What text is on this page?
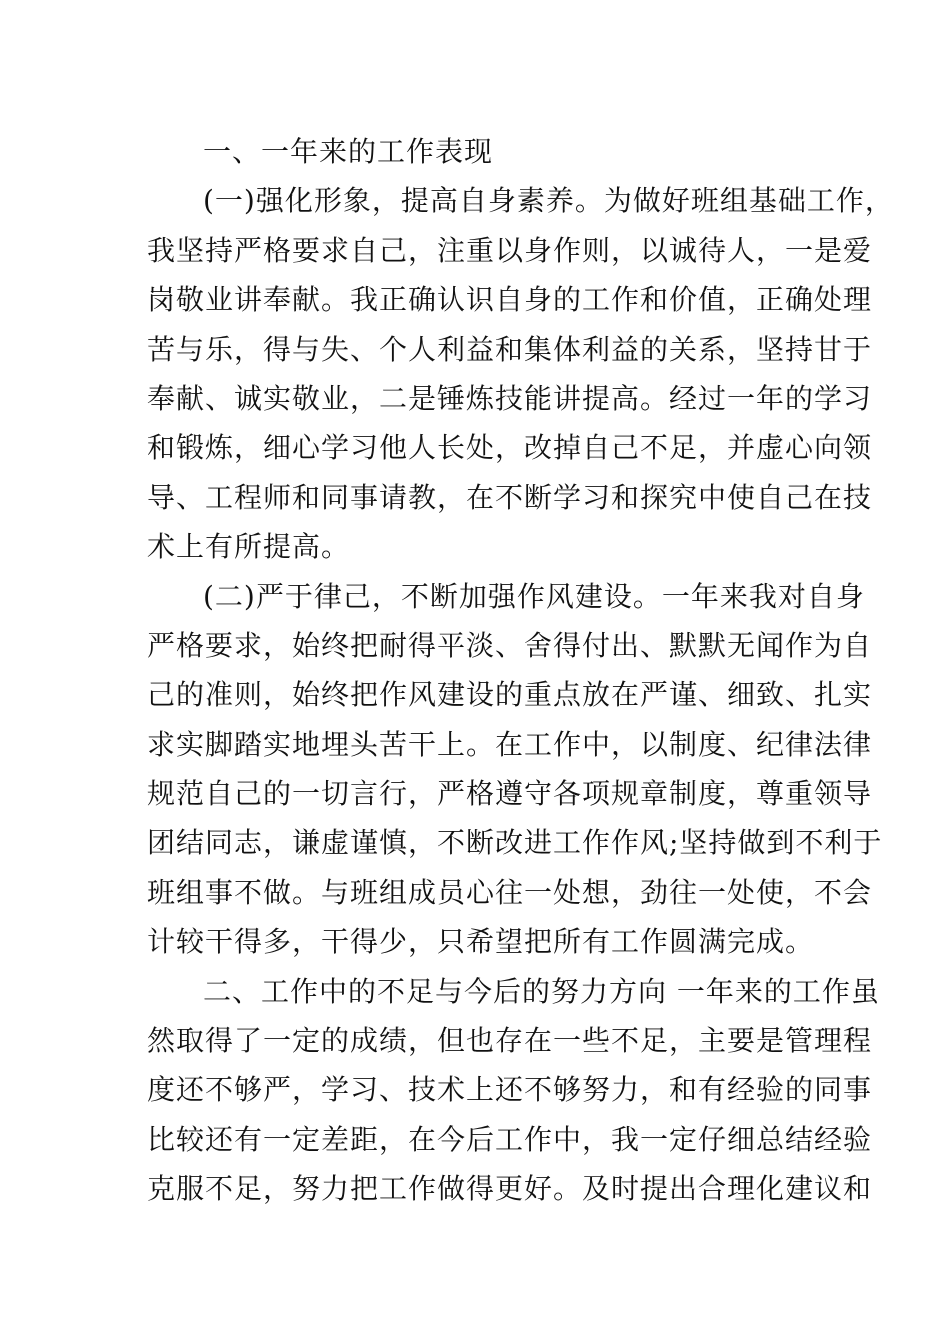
一、一年来的工作表现
(一)强化形象，提高自身素养。为做好班组基础工作，
我坚持严格要求自己，注重以身作则，以诚待人，一是爱
岗敬业讲奉献。我正确认识自身的工作和价值，正确处理
苦与乐，得与失、个人利益和集体利益的关系，坚持甘于
奉献、诚实敬业，二是锤炼技能讲提高。经过一年的学习
和锻炼，细心学习他人长处，改掉自己不足，并虚心向领
导、工程师和同事请教，在不断学习和探究中使自己在技
术上有所提高。
(二)严于律己，不断加强作风建设。一年来我对自身
严格要求，始终把耐得平淡、舍得付出、默默无闻作为自
己的准则，始终把作风建设的重点放在严谨、细致、扎实
求实脚踏实地埋头苦干上。在工作中，以制度、纪律法律
规范自己的一切言行，严格遵守各项规章制度，尊重领导
团结同志，谦虚谨慎，不断改进工作作风;坚持做到不利于
班组事不做。与班组成员心往一处想，劲往一处使，不会
计较干得多，干得少，只希望把所有工作圆满完成。
二、工作中的不足与今后的努力方向 一年来的工作虽
然取得了一定的成绩，但也存在一些不足，主要是管理程
度还不够严，学习、技术上还不够努力，和有经验的同事
比较还有一定差距，在今后工作中，我一定仔细总结经验
克服不足，努力把工作做得更好。及时提出合理化建议和
